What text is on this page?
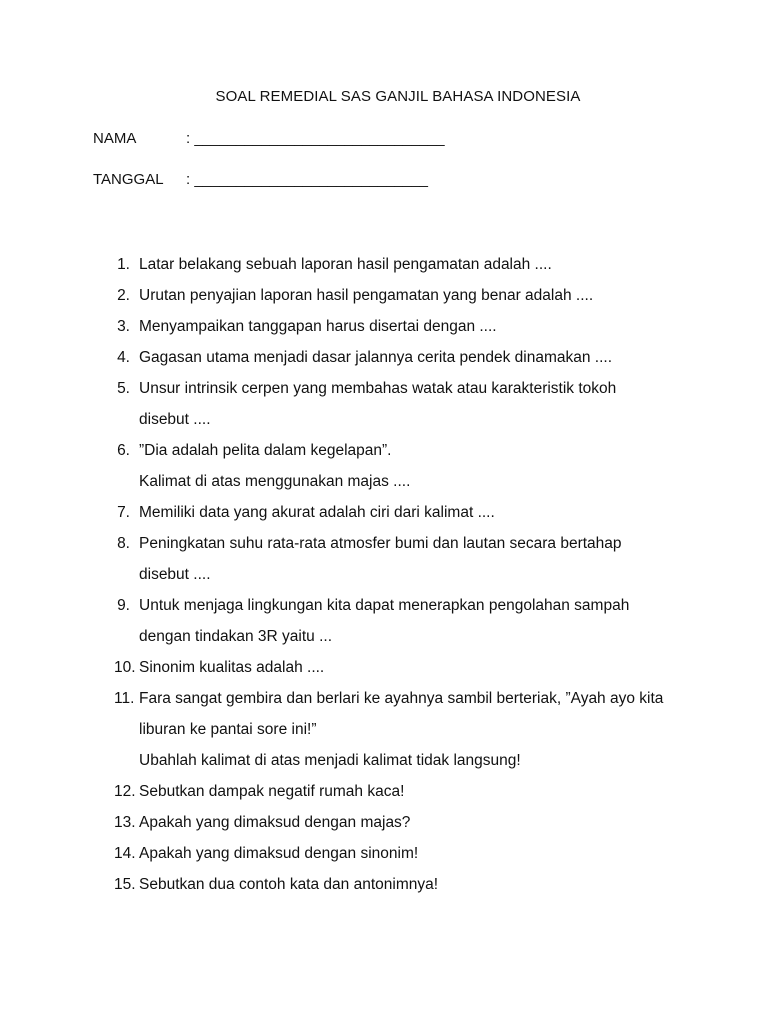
SOAL REMEDIAL SAS GANJIL BAHASA INDONESIA
NAMA	: ______________________________
TANGGAL : ____________________________
1. Latar belakang sebuah laporan hasil pengamatan adalah ....
2. Urutan penyajian laporan hasil pengamatan yang benar adalah ....
3. Menyampaikan tanggapan harus disertai dengan ....
4. Gagasan utama menjadi dasar jalannya cerita pendek dinamakan ....
5. Unsur intrinsik cerpen yang membahas watak atau karakteristik tokoh
disebut ....
6. ”Dia adalah pelita dalam kegelapan”.
Kalimat di atas menggunakan majas ....
7. Memiliki data yang akurat adalah ciri dari kalimat ....
8. Peningkatan suhu rata-rata atmosfer bumi dan lautan secara bertahap
disebut ....
9. Untuk menjaga lingkungan kita dapat menerapkan pengolahan sampah
dengan tindakan 3R yaitu ...
10. Sinonim kualitas adalah ....
11. Fara sangat gembira dan berlari ke ayahnya sambil berteriak, ”Ayah ayo kita
liburan ke pantai sore ini!”
Ubahlah kalimat di atas menjadi kalimat tidak langsung!
12. Sebutkan dampak negatif rumah kaca!
13. Apakah yang dimaksud dengan majas?
14. Apakah yang dimaksud dengan sinonim!
15. Sebutkan dua contoh kata dan antonimnya!
